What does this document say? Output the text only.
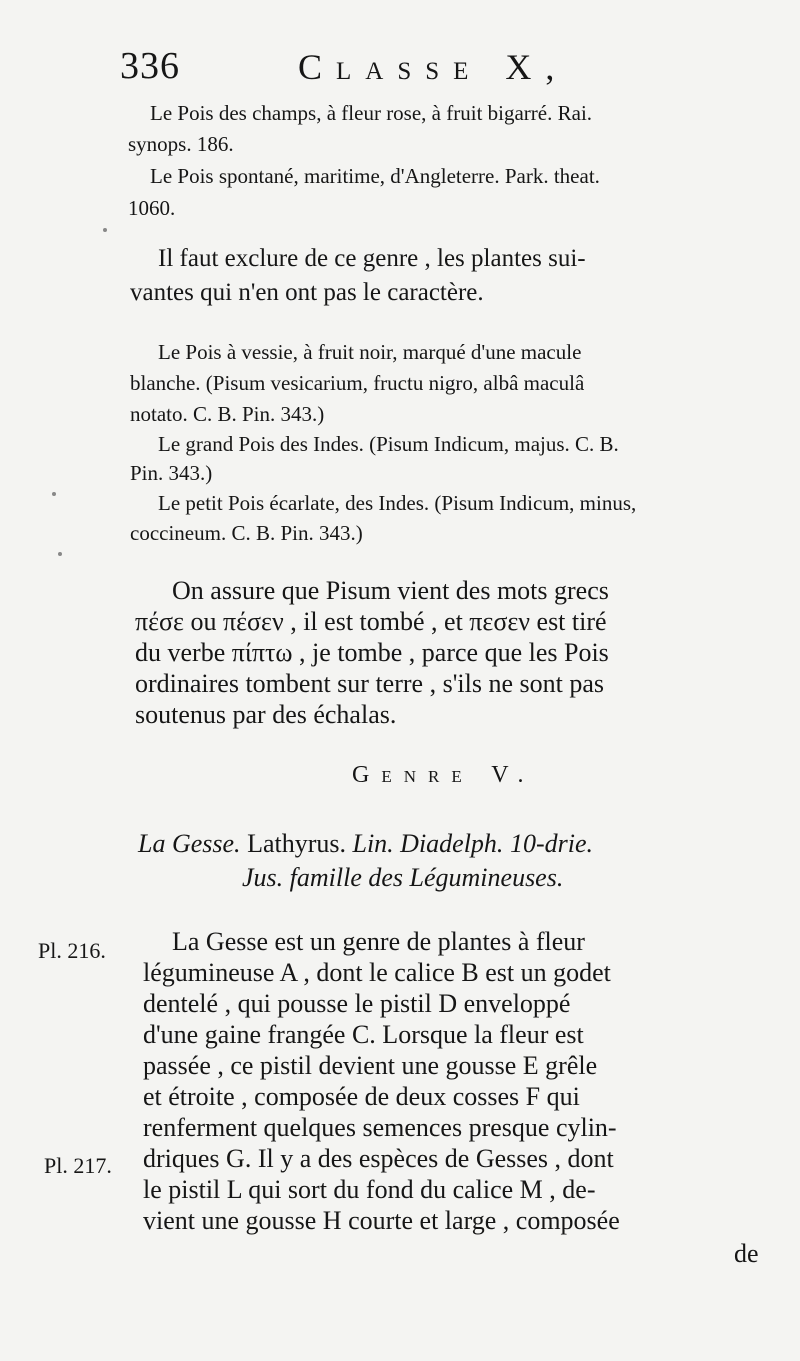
336	Classe X,
Le Pois des champs, à fleur rose, à fruit bigarré. Rai.
synops. 186.
Le Pois spontané, maritime, d'Angleterre. Park. theat.
1060.
Il faut exclure de ce genre , les plantes sui-
vantes qui n'en ont pas le caractère.
Le Pois à vessie, à fruit noir, marqué d'une macule
blanche. (Pisum vesicarium, fructu nigro, albâ maculâ
notato. C. B. Pin. 343.)
Le grand Pois des Indes. (Pisum Indicum, majus. C. B.
Pin. 343.)
Le petit Pois écarlate, des Indes. (Pisum Indicum, minus,
coccineum. C. B. Pin. 343.)
On assure que Pisum vient des mots grecs
πέσε ou πέσεν , il est tombé , et πεσεν est tiré
du verbe πίπτω , je tombe , parce que les Pois
ordinaires tombent sur terre , s'ils ne sont pas
soutenus par des échalas.
Genre V.
La Gesse. Lathyrus. Lin. Diadelph. 10-drie.
Jus. famille des Légumineuses.
Pl. 216.
Pl. 217.
La Gesse est un genre de plantes à fleur
légumineuse A , dont le calice B est un godet
dentelé , qui pousse le pistil D enveloppé
d'une gaine frangée C. Lorsque la fleur est
passée , ce pistil devient une gousse E grêle
et étroite , composée de deux cosses F qui
renferment quelques semences presque cylin-
driques G. Il y a des espèces de Gesses , dont
le pistil L qui sort du fond du calice M , de-
vient une gousse H courte et large , composée
de
